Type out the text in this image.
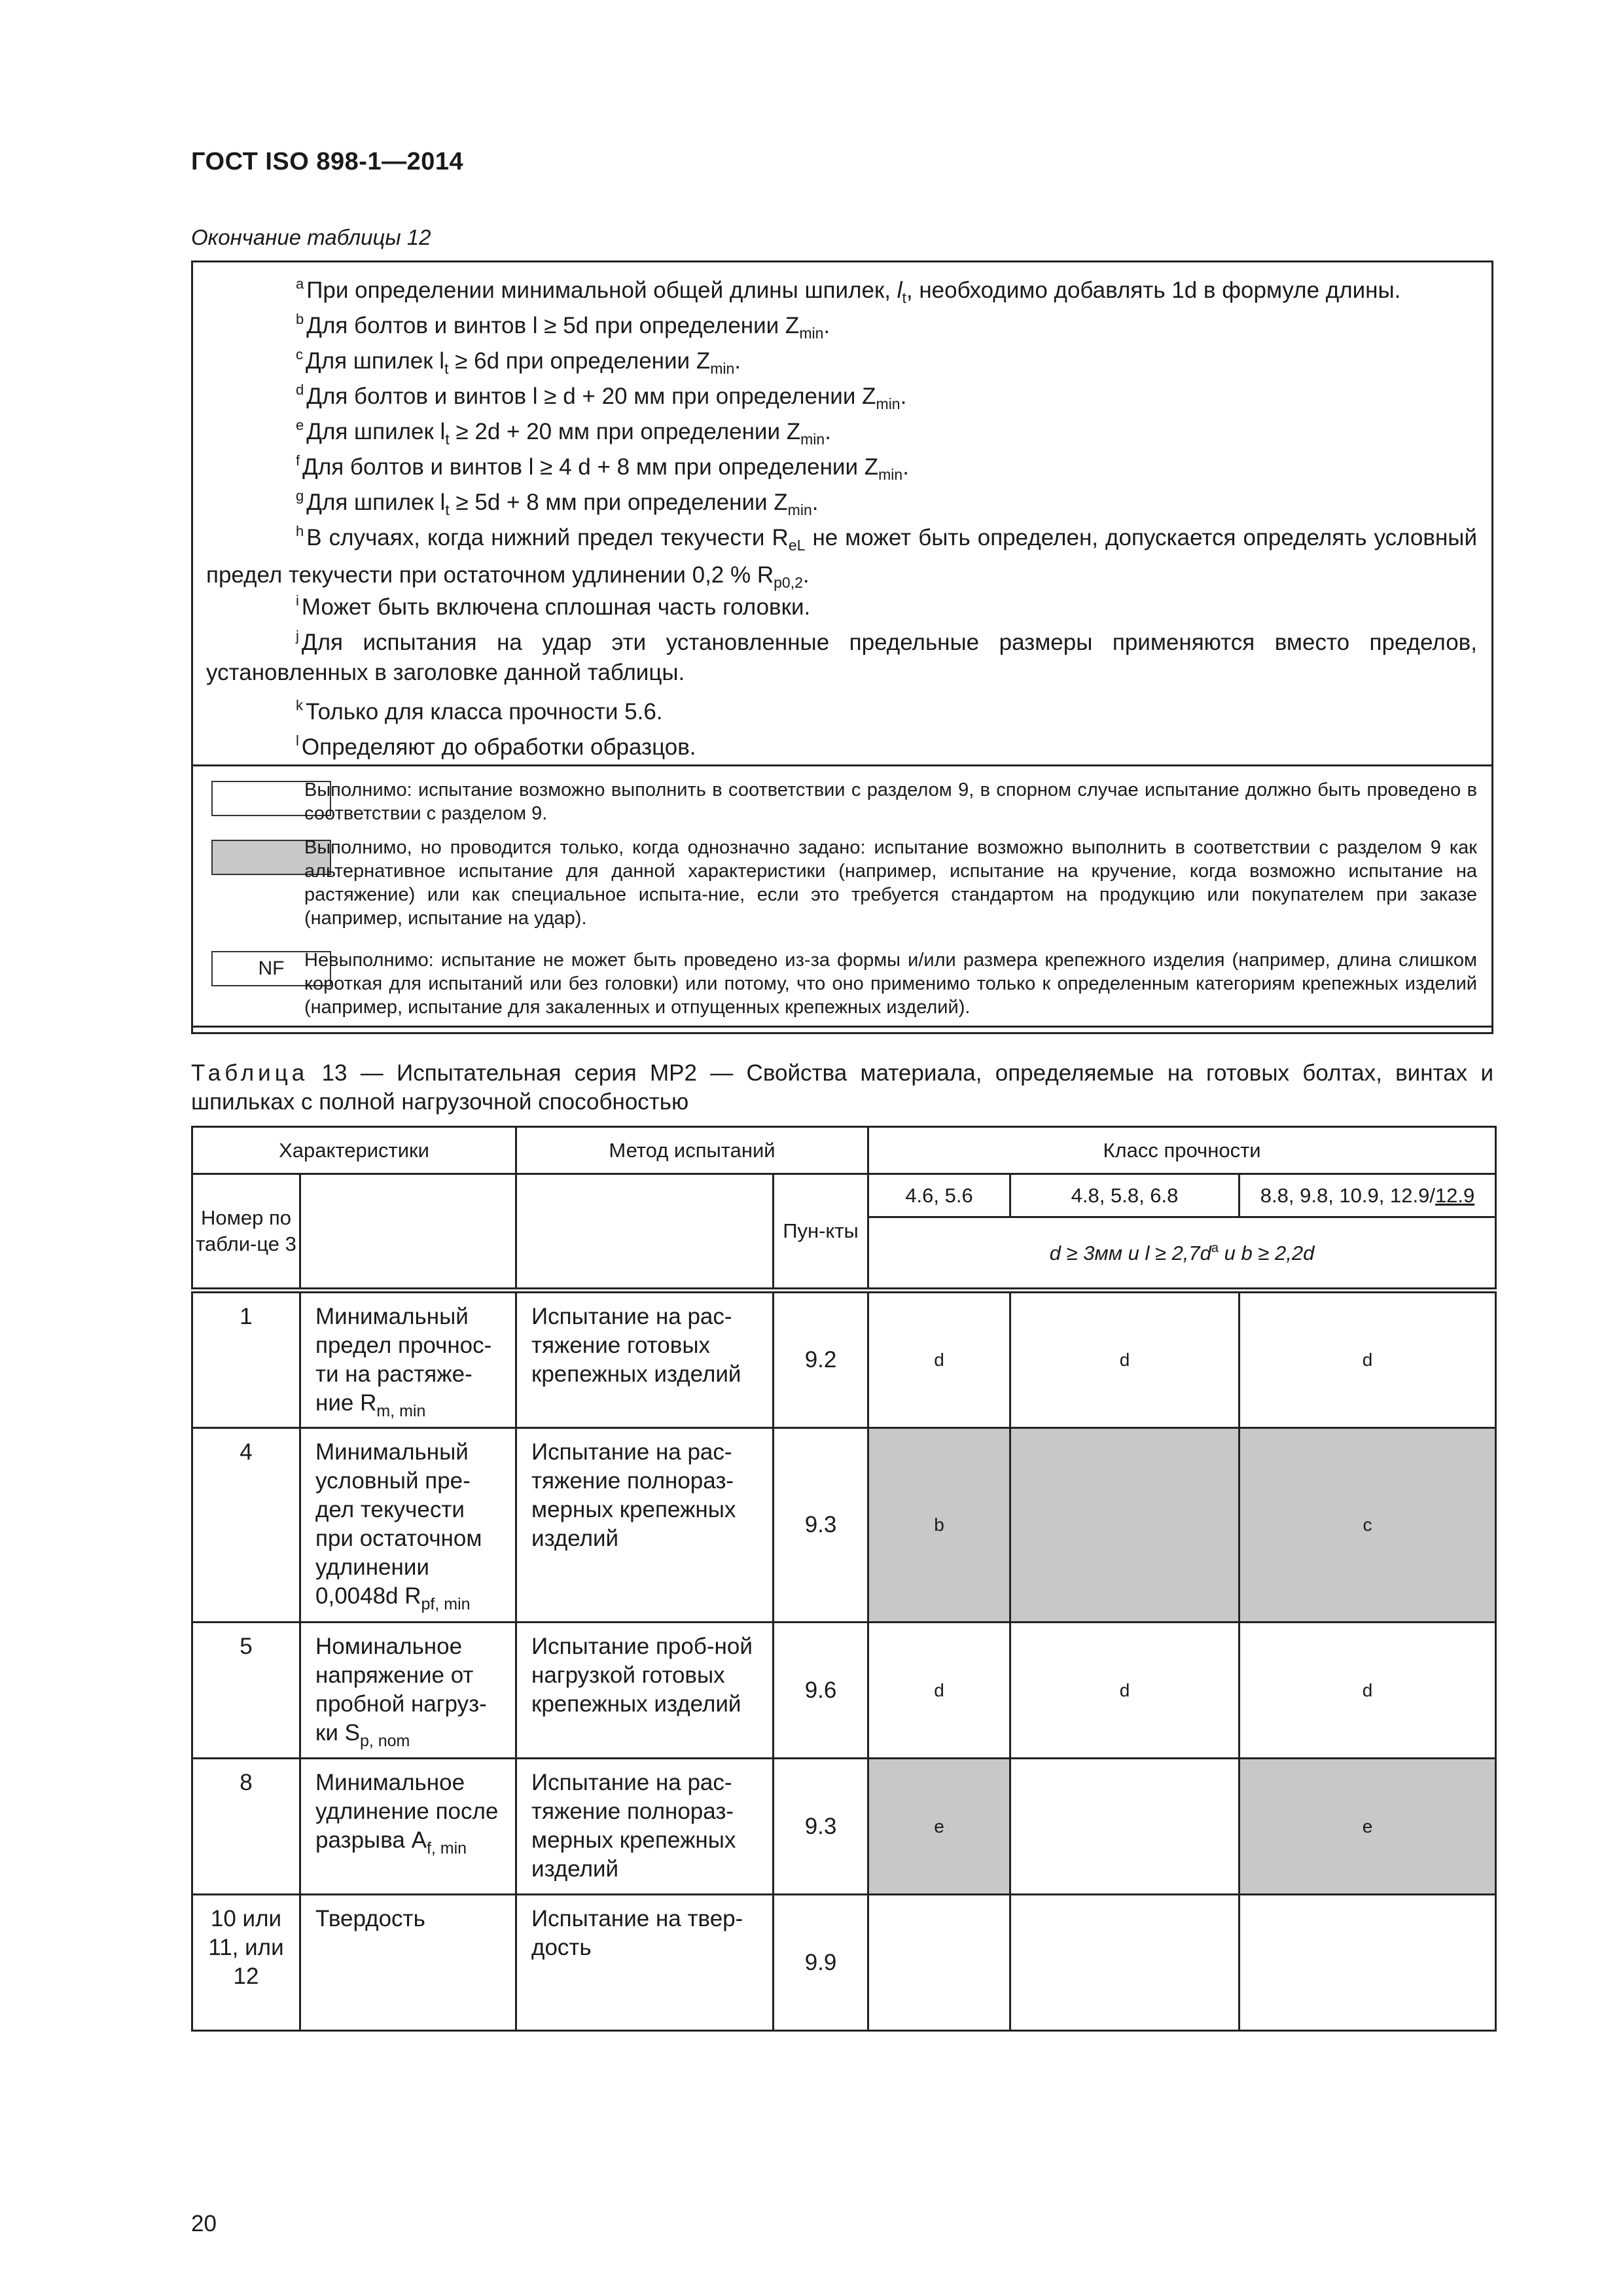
ГОСТ ISO 898-1—2014
Окончание таблицы 12
$^a$ При определении минимальной общей длины шпилек, $l_t$, необходимо добавлять 1d в формуле длины.
$^b$ Для болтов и винтов l ≥ 5d при определении $Z_{min}$.
$^c$ Для шпилек $l_t \ge 6d$ при определении $Z_{min}$.
$^d$ Для болтов и винтов l ≥ d + 20 мм при определении $Z_{min}$.
$^e$ Для шпилек $l_t \ge 2d + 20$ мм при определении $Z_{min}$.
$^f$ Для болтов и винтов l ≥ 4 d + 8 мм при определении $Z_{min}$.
$^g$ Для шпилек $l_t \ge 5d + 8$ мм при определении $Z_{min}$.
$^h$ В случаях, когда нижний предел текучести $R_{eL}$ не может быть определен, допускается определять условный предел текучести при остаточном удлинении 0,2 % $R_{p0,2}$.
$^i$ Может быть включена сплошная часть головки.
$^j$ Для испытания на удар эти установленные предельные размеры применяются вместо пределов, установленных в заголовке данной таблицы.
$^k$ Только для класса прочности 5.6.
$^l$ Определяют до обработки образцов.
Выполнимо: испытание возможно выполнить в соответствии с разделом 9, в спорном случае испытание должно быть проведено в соответствии с разделом 9.
Выполнимо, но проводится только, когда однозначно задано: испытание возможно выполнить в соответствии с разделом 9 как альтернативное испытание для данной характеристики (например, испытание на кручение, когда возможно испытание на растяжение) или как специальное испыта-ние, если это требуется стандартом на продукцию или покупателем при заказе (например, испытание на удар).
NF	Невыполнимо: испытание не может быть проведено из-за формы и/или размера крепежного изделия (например, длина слишком короткая для испытаний или без головки) или потому, что оно применимо только к определенным категориям крепежных изделий (например, испытание для закаленных и отпущенных крепежных изделий).
Таблица 13 — Испытательная серия МР2 — Свойства материала, определяемые на готовых болтах, винтах и шпильках с полной нагрузочной способностью
Характеристики		Метод испытаний		Класс прочности		
Номер по табли-це 3			Пун-кты	4.6, 5.6	4.8, 5.8, 6.8	8.8, 9.8, 10.9, 12.9/12.9
				d ≥ 3мм и $l \ge 2,7d^a$ и b ≥ 2,2d		
1	Минимальный предел прочнос-ти на растяже-ние $R_{m, min}$	Испытание на рас-тяжение готовых крепежных изделий	9.2	d	d	d
4	Минимальный условный пре-дел текучести при остаточном удлинении 0,0048d $R_{pf, min}$	Испытание на рас-тяжение полнораз-мерных крепежных изделий	9.3	b		c
5	Номинальное напряжение от пробной нагруз-ки $S_{p, nom}$	Испытание проб-ной нагрузкой готовых крепежных изделий	9.6	d	d	d
8	Минимальное удлинение после разрыва $A_{f, min}$	Испытание на рас-тяжение полнораз-мерных крепежных изделий	9.3	e		e
10 или 11, или 12	Твердость	Испытание на твер-дость	9.9			
20
